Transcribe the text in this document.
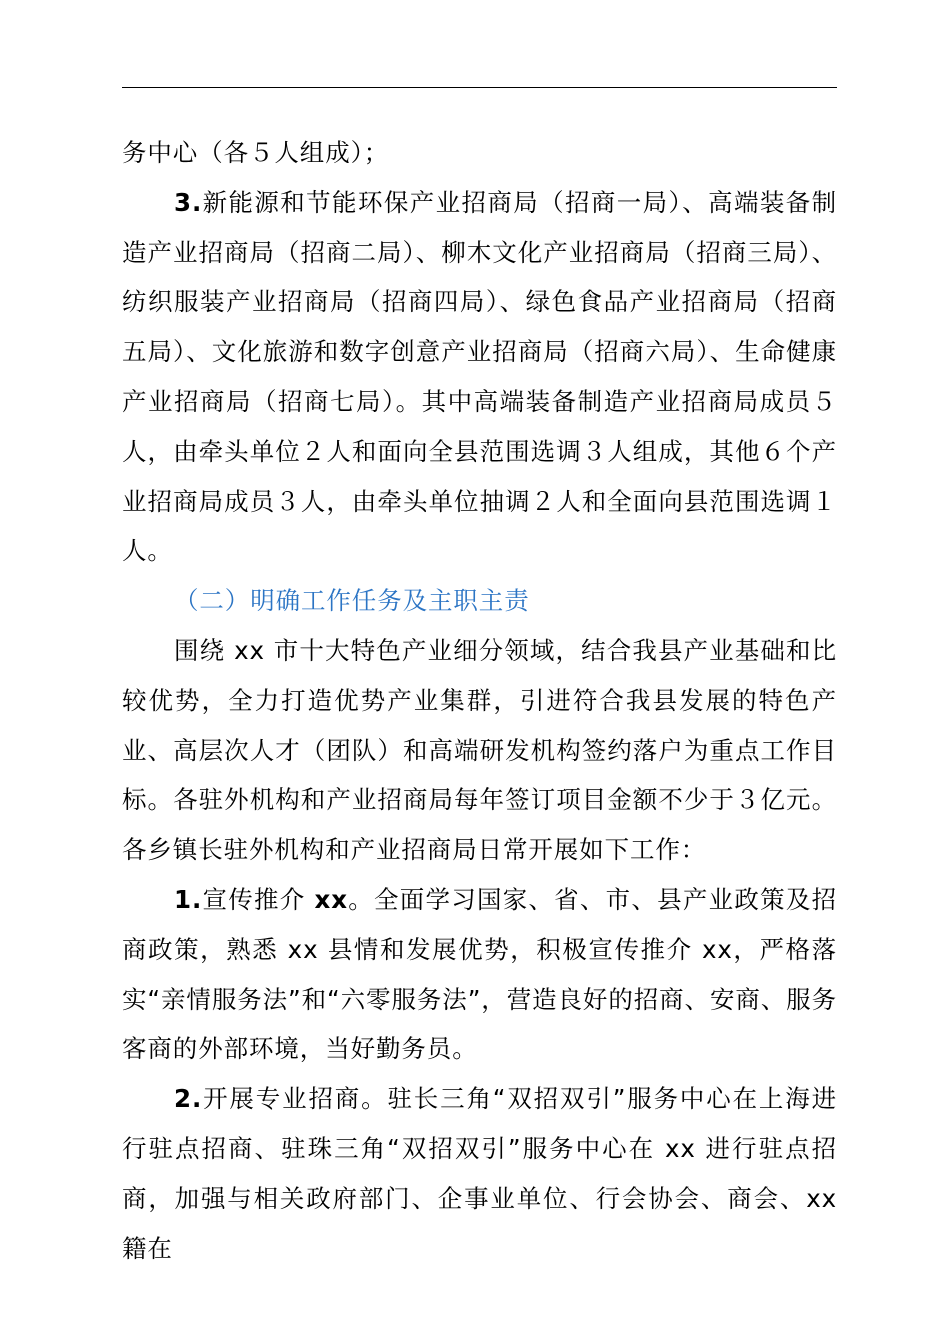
务中心（各５人组成）；

3.新能源和节能环保产业招商局（招商一局）、高端装备制造产业招商局（招商二局）、柳木文化产业招商局（招商三局）、纺织服装产业招商局（招商四局）、绿色食品产业招商局（招商五局）、文化旅游和数字创意产业招商局（招商六局）、生命健康产业招商局（招商七局）。其中高端装备制造产业招商局成员５人，由牵头单位２人和面向全县范围选调３人组成，其他６个产业招商局成员３人，由牵头单位抽调２人和全面向县范围选调１人。

（二）明确工作任务及主职主责

围绕 xx 市十大特色产业细分领域，结合我县产业基础和比较优势，全力打造优势产业集群，引进符合我县发展的特色产业、高层次人才（团队）和高端研发机构签约落户为重点工作目标。各驻外机构和产业招商局每年签订项目金额不少于３亿元。各乡镇长驻外机构和产业招商局日常开展如下工作：

1.宣传推介 xx。全面学习国家、省、市、县产业政策及招商政策，熟悉 xx 县情和发展优势，积极宣传推介 xx，严格落实“亲情服务法”和“六零服务法”，营造良好的招商、安商、服务客商的外部环境，当好勤务员。

2.开展专业招商。驻长三角“双招双引”服务中心在上海进行驻点招商、驻珠三角“双招双引”服务中心在 xx 进行驻点招商，加强与相关政府部门、企事业单位、行会协会、商会、xx 籍在
